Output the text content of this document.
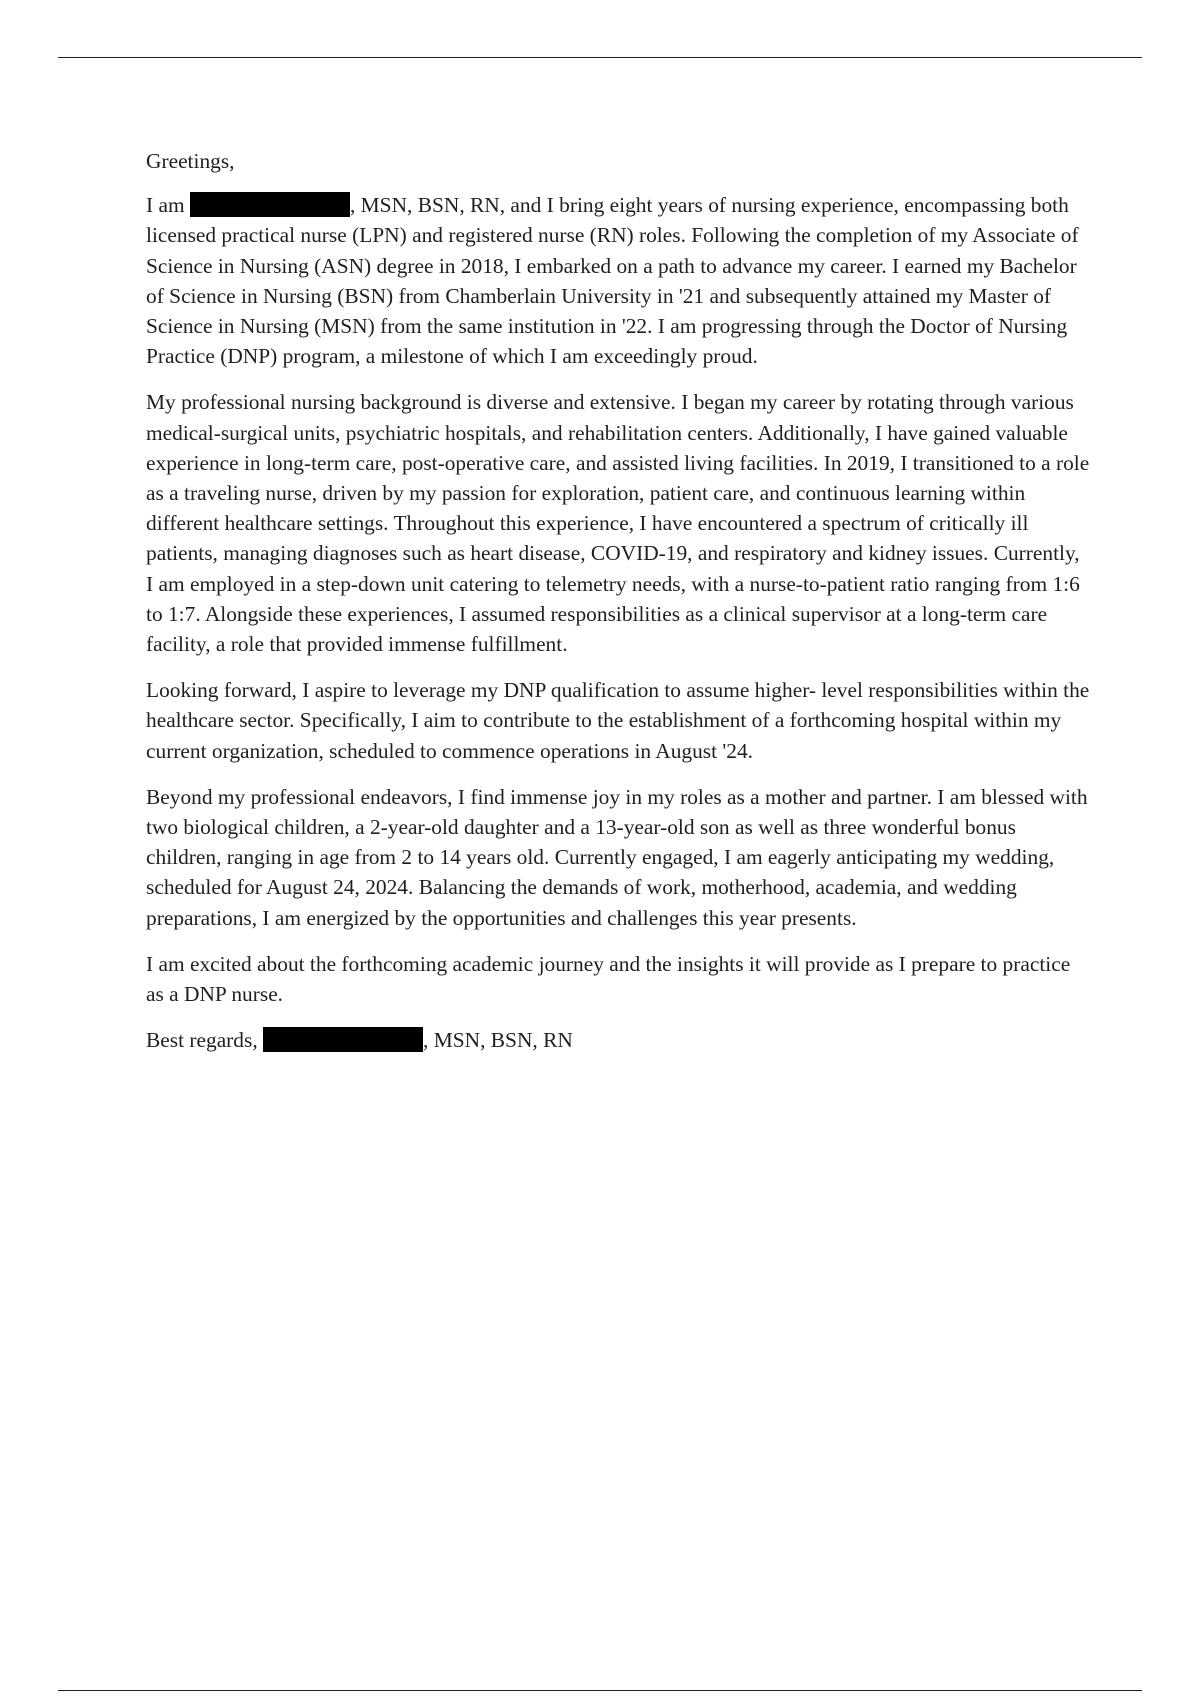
Greetings,

I am	, MSN, BSN, RN, and I bring eight years of nursing experience, encompassing both licensed practical nurse (LPN) and registered nurse (RN) roles. Following the completion of my Associate of Science in Nursing (ASN) degree in 2018, I embarked on a path to advance my career. I earned my Bachelor of Science in Nursing (BSN) from Chamberlain University in '21 and subsequently attained my Master of Science in Nursing (MSN) from the same institution in '22. I am progressing through the Doctor of Nursing Practice (DNP) program, a milestone of which I am exceedingly proud.

My professional nursing background is diverse and extensive. I began my career by rotating through various medical-surgical units, psychiatric hospitals, and rehabilitation centers. Additionally, I have gained valuable experience in long-term care, post-operative care, and assisted living facilities. In 2019, I transitioned to a role as a traveling nurse, driven by my passion for exploration, patient care, and continuous learning within different healthcare settings. Throughout this experience, I have encountered a spectrum of critically ill patients, managing diagnoses such as heart disease, COVID-19, and respiratory and kidney issues. Currently, I am employed in a step-down unit catering to telemetry needs, with a nurse-to-patient ratio ranging from 1:6 to 1:7. Alongside these experiences, I assumed responsibilities as a clinical supervisor at a long-term care facility, a role that provided immense fulfillment.

Looking forward, I aspire to leverage my DNP qualification to assume higher- level responsibilities within the healthcare sector. Specifically, I aim to contribute to the establishment of a forthcoming hospital within my current organization, scheduled to commence operations in August '24.

Beyond my professional endeavors, I find immense joy in my roles as a mother and partner. I am blessed with two biological children, a 2-year-old daughter and a 13-year-old son as well as three wonderful bonus children, ranging in age from 2 to 14 years old. Currently engaged, I am eagerly anticipating my wedding, scheduled for August 24, 2024. Balancing the demands of work, motherhood, academia, and wedding preparations, I am energized by the opportunities and challenges this year presents.

I am excited about the forthcoming academic journey and the insights it will provide as I prepare to practice as a DNP nurse.

Best regards,	, MSN, BSN, RN
